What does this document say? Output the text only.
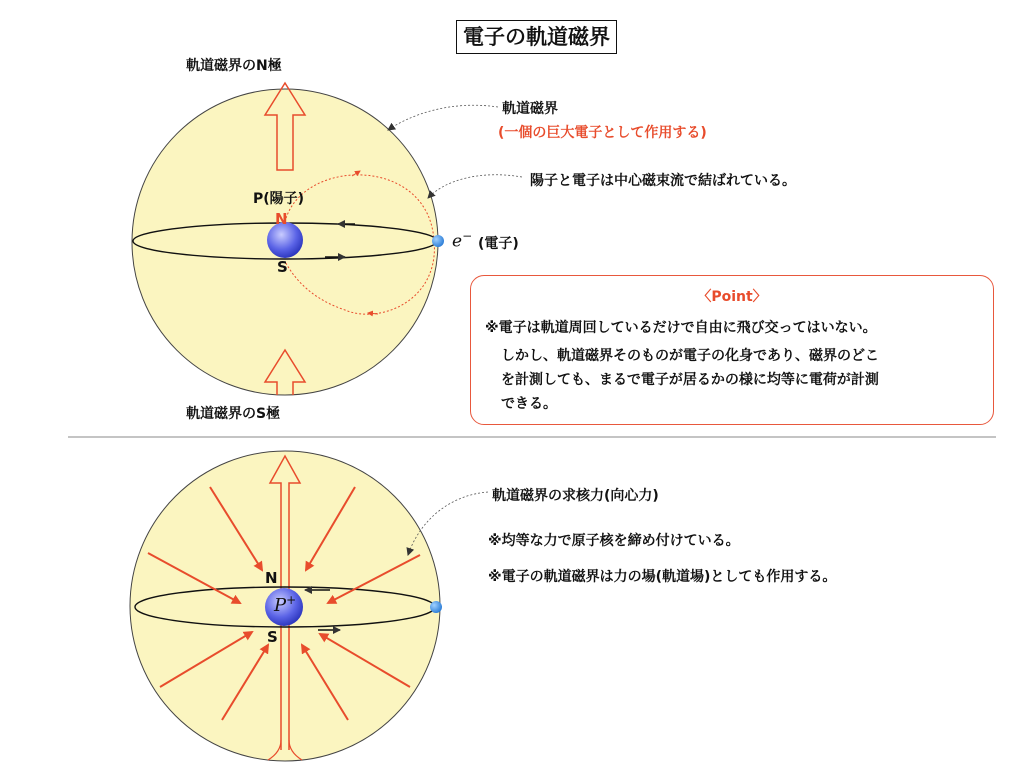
電子の軌道磁界
軌道磁界のN極
軌道磁界のS極
軌道磁界
(一個の巨大電子として作用する)
陽子と電子は中心磁束流で結ばれている。
P(陽子)
N
S
e− (電子)
〈Point〉
※電子は軌道周回しているだけで自由に飛び交ってはいない。
しかし、軌道磁界そのものが電子の化身であり、磁界のどこ
を計測しても、まるで電子が居るかの様に均等に電荷が計測
できる。
軌道磁界の求核力(向心力)
※均等な力で原子核を締め付けている。
※電子の軌道磁界は力の場(軌道場)としても作用する。
N
S
P+
